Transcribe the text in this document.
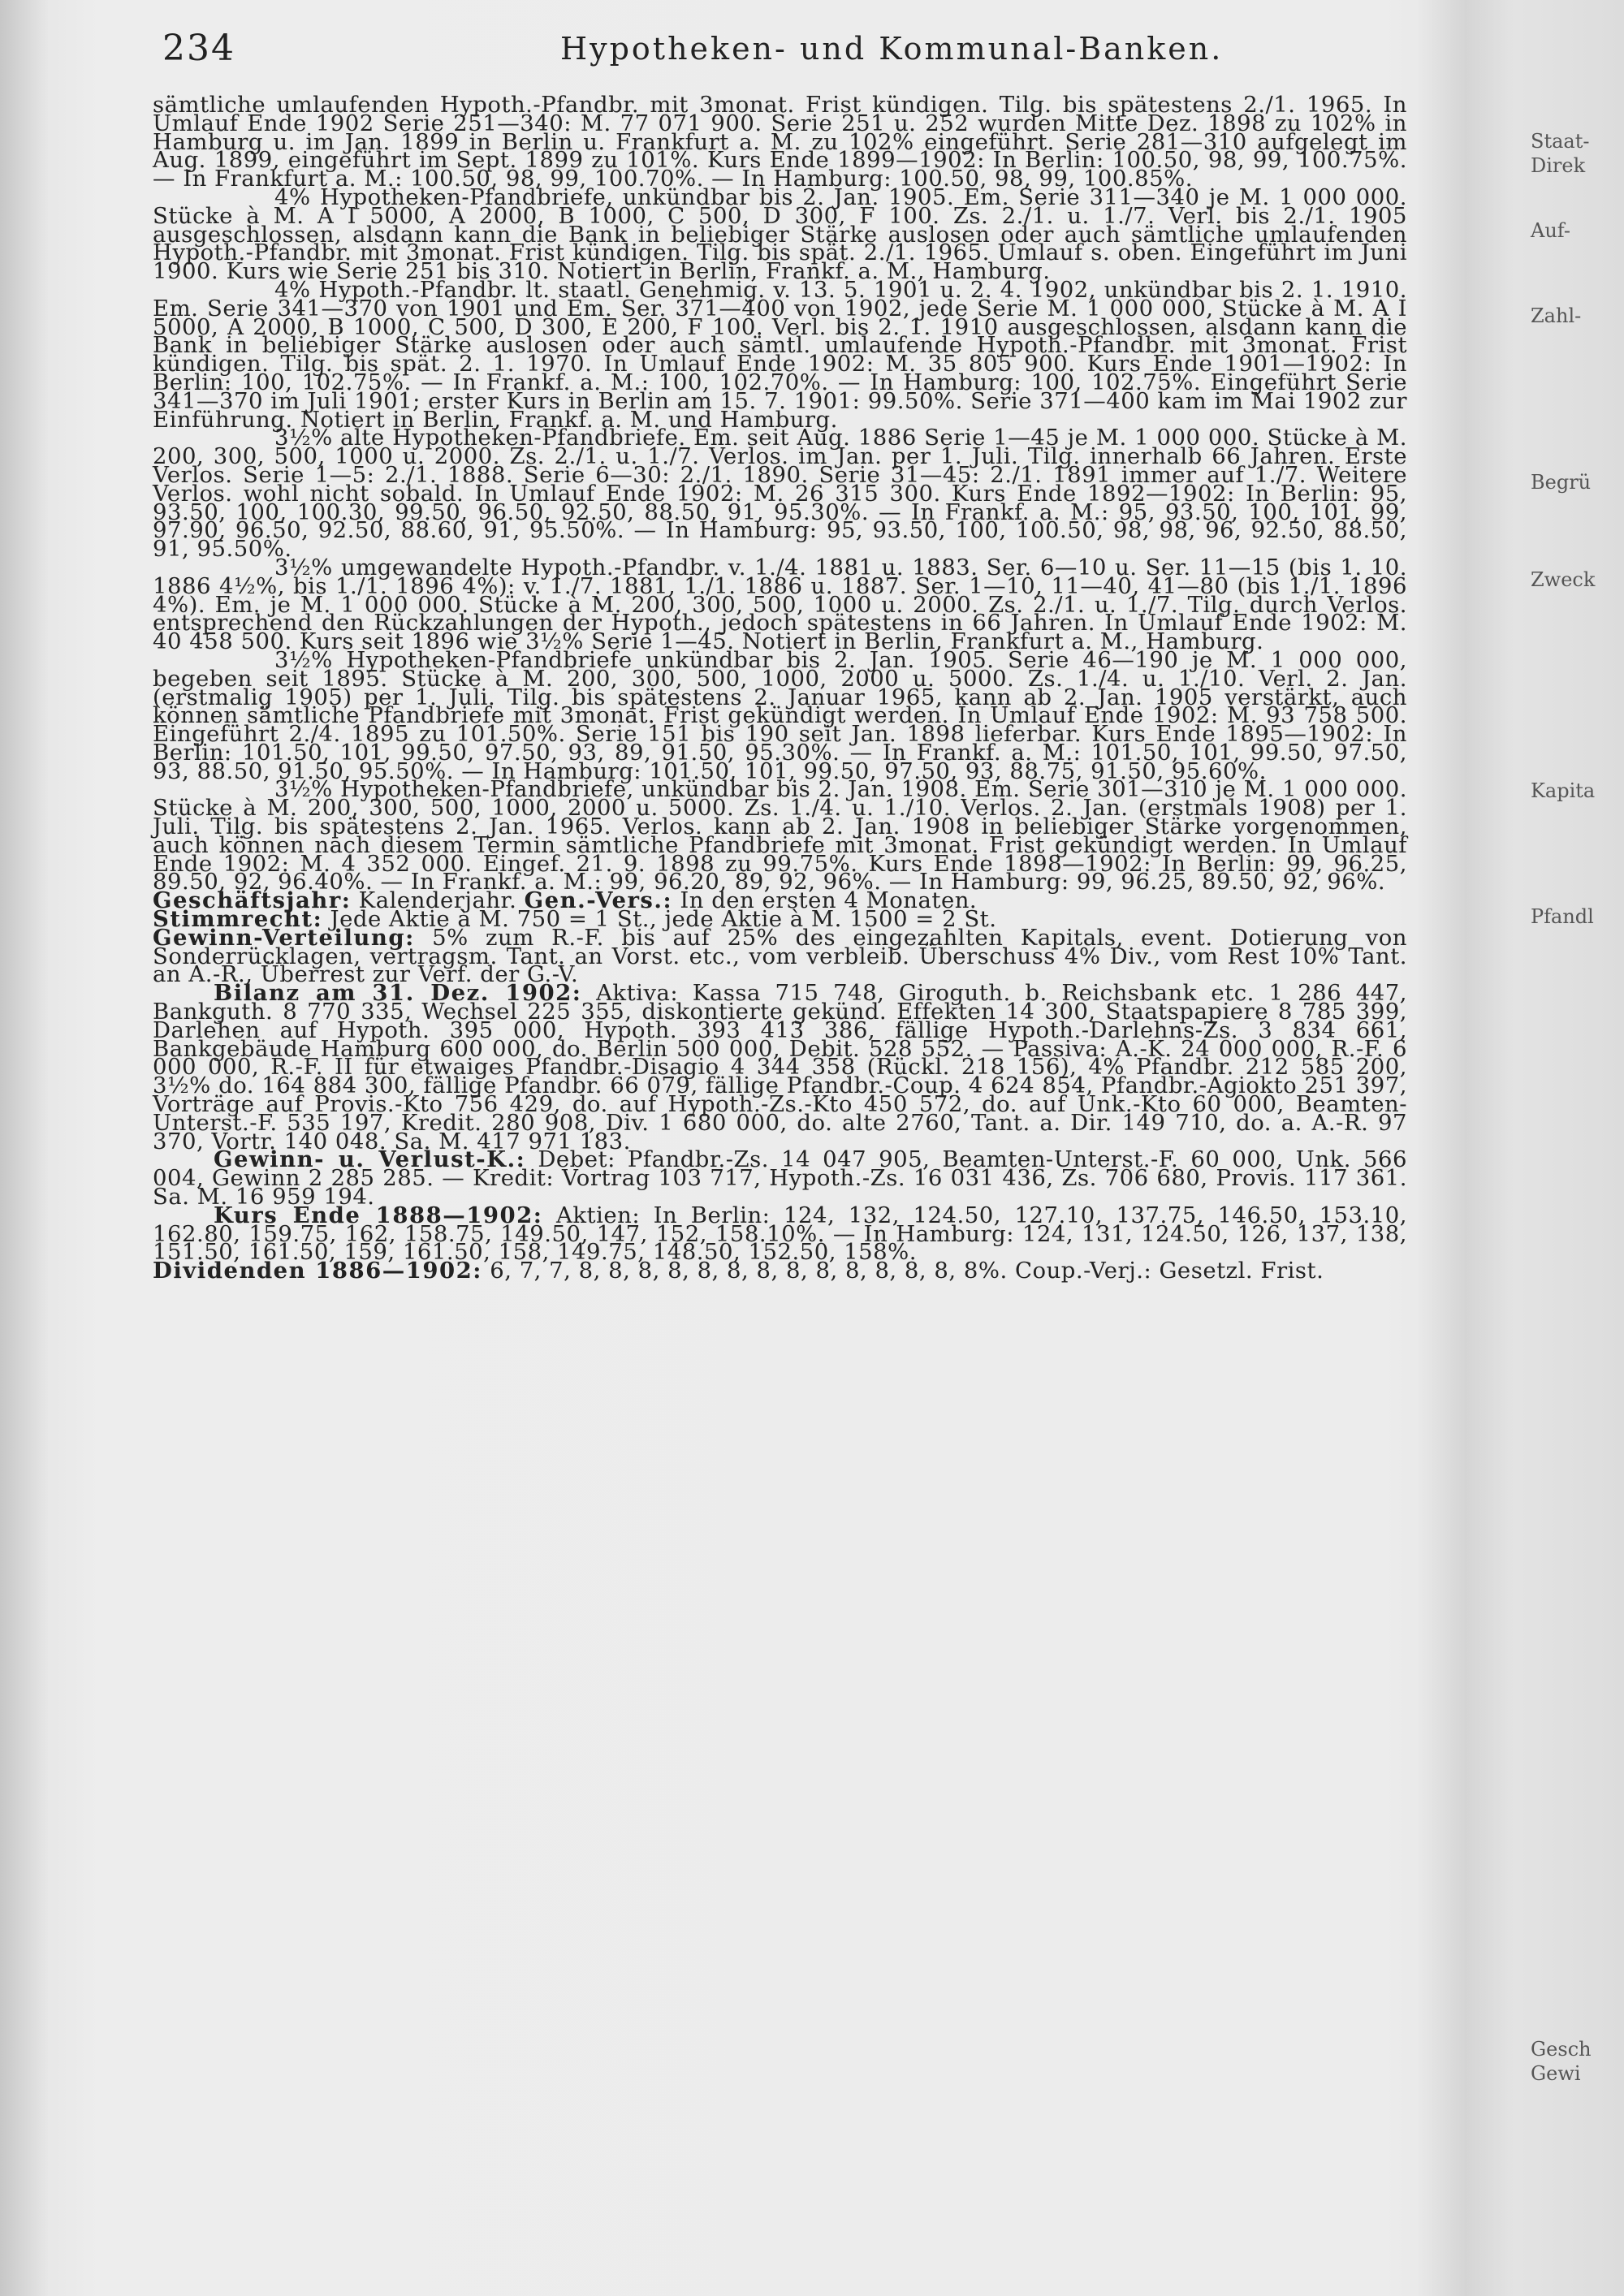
234	Hypotheken- und Kommunal-Banken.

sämtliche umlaufenden Hypoth.-Pfandbr. mit 3monat. Frist kündigen. Tilg. bis spätestens 2./1. 1965. In Umlauf Ende 1902 Serie 251—340: M. 77 071 900. Serie 251 u. 252 wurden Mitte Dez. 1898 zu 102% in Hamburg u. im Jan. 1899 in Berlin u. Frankfurt a. M. zu 102% eingeführt. Serie 281—310 aufgelegt im Aug. 1899, eingeführt im Sept. 1899 zu 101%. Kurs Ende 1899—1902: In Berlin: 100.50, 98, 99, 100.75%. — In Frankfurt a. M.: 100.50, 98, 99, 100.70%. — In Hamburg: 100.50, 98, 99, 100.85%.

4% Hypotheken-Pfandbriefe, unkündbar bis 2. Jan. 1905. Em. Serie 311—340 je M. 1 000 000. Stücke à M. A I 5000, A 2000, B 1000, C 500, D 300, F 100. Zs. 2./1. u. 1./7. Verl. bis 2./1. 1905 ausgeschlossen, alsdann kann die Bank in beliebiger Stärke auslosen oder auch sämtliche umlaufenden Hypoth.-Pfandbr. mit 3monat. Frist kündigen. Tilg. bis spät. 2./1. 1965. Umlauf s. oben. Eingeführt im Juni 1900. Kurs wie Serie 251 bis 310. Notiert in Berlin, Frankf. a. M., Hamburg.

4% Hypoth.-Pfandbr. lt. staatl. Genehmig. v. 13. 5. 1901 u. 2. 4. 1902, unkündbar bis 2. 1. 1910. Em. Serie 341—370 von 1901 und Em. Ser. 371—400 von 1902, jede Serie M. 1 000 000, Stücke à M. A I 5000, A 2000, B 1000, C 500, D 300, E 200, F 100. Verl. bis 2. 1. 1910 ausgeschlossen, alsdann kann die Bank in beliebiger Stärke auslosen oder auch sämtl. umlaufende Hypoth.-Pfandbr. mit 3monat. Frist kündigen. Tilg. bis spät. 2. 1. 1970. In Umlauf Ende 1902: M. 35 805 900. Kurs Ende 1901—1902: In Berlin: 100, 102.75%. — In Frankf. a. M.: 100, 102.70%. — In Hamburg: 100, 102.75%. Eingeführt Serie 341—370 im Juli 1901; erster Kurs in Berlin am 15. 7. 1901: 99.50%. Serie 371—400 kam im Mai 1902 zur Einführung. Notiert in Berlin, Frankf. a. M. und Hamburg.

3½% alte Hypotheken-Pfandbriefe. Em. seit Aug. 1886 Serie 1—45 je M. 1 000 000. Stücke à M. 200, 300, 500, 1000 u. 2000. Zs. 2./1. u. 1./7. Verlos. im Jan. per 1. Juli. Tilg. innerhalb 66 Jahren. Erste Verlos. Serie 1—5: 2./1. 1888. Serie 6—30: 2./1. 1890. Serie 31—45: 2./1. 1891 immer auf 1./7. Weitere Verlos. wohl nicht sobald. In Umlauf Ende 1902: M. 26 315 300. Kurs Ende 1892—1902: In Berlin: 95, 93.50, 100, 100.30, 99.50, 96.50, 92.50, 88.50, 91, 95.30%. — In Frankf. a. M.: 95, 93.50, 100, 101, 99, 97.90, 96.50, 92.50, 88.60, 91, 95.50%. — In Hamburg: 95, 93.50, 100, 100.50, 98, 98, 96, 92.50, 88.50, 91, 95.50%.

3½% umgewandelte Hypoth.-Pfandbr. v. 1./4. 1881 u. 1883. Ser. 6—10 u. Ser. 11—15 (bis 1. 10. 1886 4½%, bis 1./1. 1896 4%): v. 1./7. 1881, 1./1. 1886 u. 1887. Ser. 1—10, 11—40, 41—80 (bis 1./1. 1896 4%). Em. je M. 1 000 000. Stücke à M. 200, 300, 500, 1000 u. 2000. Zs. 2./1. u. 1./7. Tilg. durch Verlos. entsprechend den Rückzahlungen der Hypoth., jedoch spätestens in 66 Jahren. In Umlauf Ende 1902: M. 40 458 500. Kurs seit 1896 wie 3½% Serie 1—45. Notiert in Berlin, Frankfurt a. M., Hamburg.

3½% Hypotheken-Pfandbriefe unkündbar bis 2. Jan. 1905. Serie 46—190 je M. 1 000 000, begeben seit 1895. Stücke à M. 200, 300, 500, 1000, 2000 u. 5000. Zs. 1./4. u. 1./10. Verl. 2. Jan. (erstmalig 1905) per 1. Juli. Tilg. bis spätestens 2. Januar 1965, kann ab 2. Jan. 1905 verstärkt, auch können sämtliche Pfandbriefe mit 3monat. Frist gekündigt werden. In Umlauf Ende 1902: M. 93 758 500. Eingeführt 2./4. 1895 zu 101.50%. Serie 151 bis 190 seit Jan. 1898 lieferbar. Kurs Ende 1895—1902: In Berlin: 101.50, 101, 99.50, 97.50, 93, 89, 91.50, 95.30%. — In Frankf. a. M.: 101.50, 101, 99.50, 97.50, 93, 88.50, 91.50, 95.50%. — In Hamburg: 101.50, 101, 99.50, 97.50, 93, 88.75, 91.50, 95.60%.

3½% Hypotheken-Pfandbriefe, unkündbar bis 2. Jan. 1908. Em. Serie 301—310 je M. 1 000 000. Stücke à M. 200, 300, 500, 1000, 2000 u. 5000. Zs. 1./4. u. 1./10. Verlos. 2. Jan. (erstmals 1908) per 1. Juli. Tilg. bis spätestens 2. Jan. 1965. Verlos. kann ab 2. Jan. 1908 in beliebiger Stärke vorgenommen, auch können nach diesem Termin sämtliche Pfandbriefe mit 3monat. Frist gekündigt werden. In Umlauf Ende 1902: M. 4 352 000. Eingef. 21. 9. 1898 zu 99.75%. Kurs Ende 1898—1902: In Berlin: 99, 96.25, 89.50, 92, 96.40%. — In Frankf. a. M.: 99, 96.20, 89, 92, 96%. — In Hamburg: 99, 96.25, 89.50, 92, 96%.

Geschäftsjahr: Kalenderjahr. Gen.-Vers.: In den ersten 4 Monaten.

Stimmrecht: Jede Aktie à M. 750 = 1 St., jede Aktie à M. 1500 = 2 St.

Gewinn-Verteilung: 5% zum R.-F. bis auf 25% des eingezahlten Kapitals, event. Dotierung von Sonderrücklagen, vertragsm. Tant. an Vorst. etc., vom verbleib. Überschuss 4% Div., vom Rest 10% Tant. an A.-R., Überrest zur Verf. der G.-V.

Bilanz am 31. Dez. 1902: Aktiva: Kassa 715 748, Giroguth. b. Reichsbank etc. 1 286 447, Bankguth. 8 770 335, Wechsel 225 355, diskontierte gekünd. Effekten 14 300, Staatspapiere 8 785 399, Darlehen auf Hypoth. 395 000, Hypoth. 393 413 386, fällige Hypoth.-Darlehns-Zs. 3 834 661, Bankgebäude Hamburg 600 000, do. Berlin 500 000, Debit. 528 552. — Passiva: A.-K. 24 000 000, R.-F. 6 000 000, R.-F. II für etwaiges Pfandbr.-Disagio 4 344 358 (Rückl. 218 156), 4% Pfandbr. 212 585 200, 3½% do. 164 884 300, fällige Pfandbr. 66 079, fällige Pfandbr.-Coup. 4 624 854, Pfandbr.-Agiokto 251 397, Vorträge auf Provis.-Kto 756 429, do. auf Hypoth.-Zs.-Kto 450 572, do. auf Unk.-Kto 60 000, Beamten-Unterst.-F. 535 197, Kredit. 280 908, Div. 1 680 000, do. alte 2760, Tant. a. Dir. 149 710, do. a. A.-R. 97 370, Vortr. 140 048. Sa. M. 417 971 183.

Gewinn- u. Verlust-K.: Debet: Pfandbr.-Zs. 14 047 905, Beamten-Unterst.-F. 60 000, Unk. 566 004, Gewinn 2 285 285. — Kredit: Vortrag 103 717, Hypoth.-Zs. 16 031 436, Zs. 706 680, Provis. 117 361. Sa. M. 16 959 194.

Kurs Ende 1888—1902: Aktien: In Berlin: 124, 132, 124.50, 127.10, 137.75, 146.50, 153.10, 162.80, 159.75, 162, 158.75, 149.50, 147, 152, 158.10%. — In Hamburg: 124, 131, 124.50, 126, 137, 138, 151.50, 161.50, 159, 161.50, 158, 149.75, 148.50, 152.50, 158%.

Dividenden 1886—1902: 6, 7, 7, 8, 8, 8, 8, 8, 8, 8, 8, 8, 8, 8, 8, 8, 8%. Coup.-Verj.: Gesetzl. Frist.

Staat-
Direk
Auf-
Zahl-
Begrü
Zweck
Kapita
Pfandl
Gesch
Gewi
